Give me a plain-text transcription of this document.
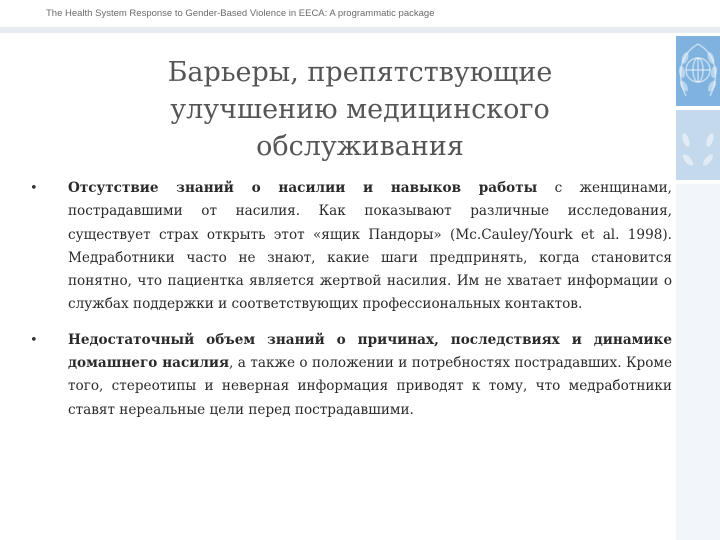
The Health System Response to Gender-Based Violence in EECA: A programmatic package
Барьеры, препятствующие
улучшению медицинского
обслуживания
• Отсутствие знаний о насилии и навыков работы с женщинами, пострадавшими от насилия. Как показывают различные исследования, существует страх открыть этот «ящик Пандоры» (Mc.Cauley/Yourk et al. 1998). Медработники часто не знают, какие шаги предпринять, когда становится понятно, что пациентка является жертвой насилия. Им не хватает информации о службах поддержки и соответствующих профессиональных контактов.
• Недостаточный объем знаний о причинах, последствиях и динамике домашнего насилия, а также о положении и потребностях пострадавших. Кроме того, стереотипы и неверная информация приводят к тому, что медработники ставят нереальные цели перед пострадавшими.
